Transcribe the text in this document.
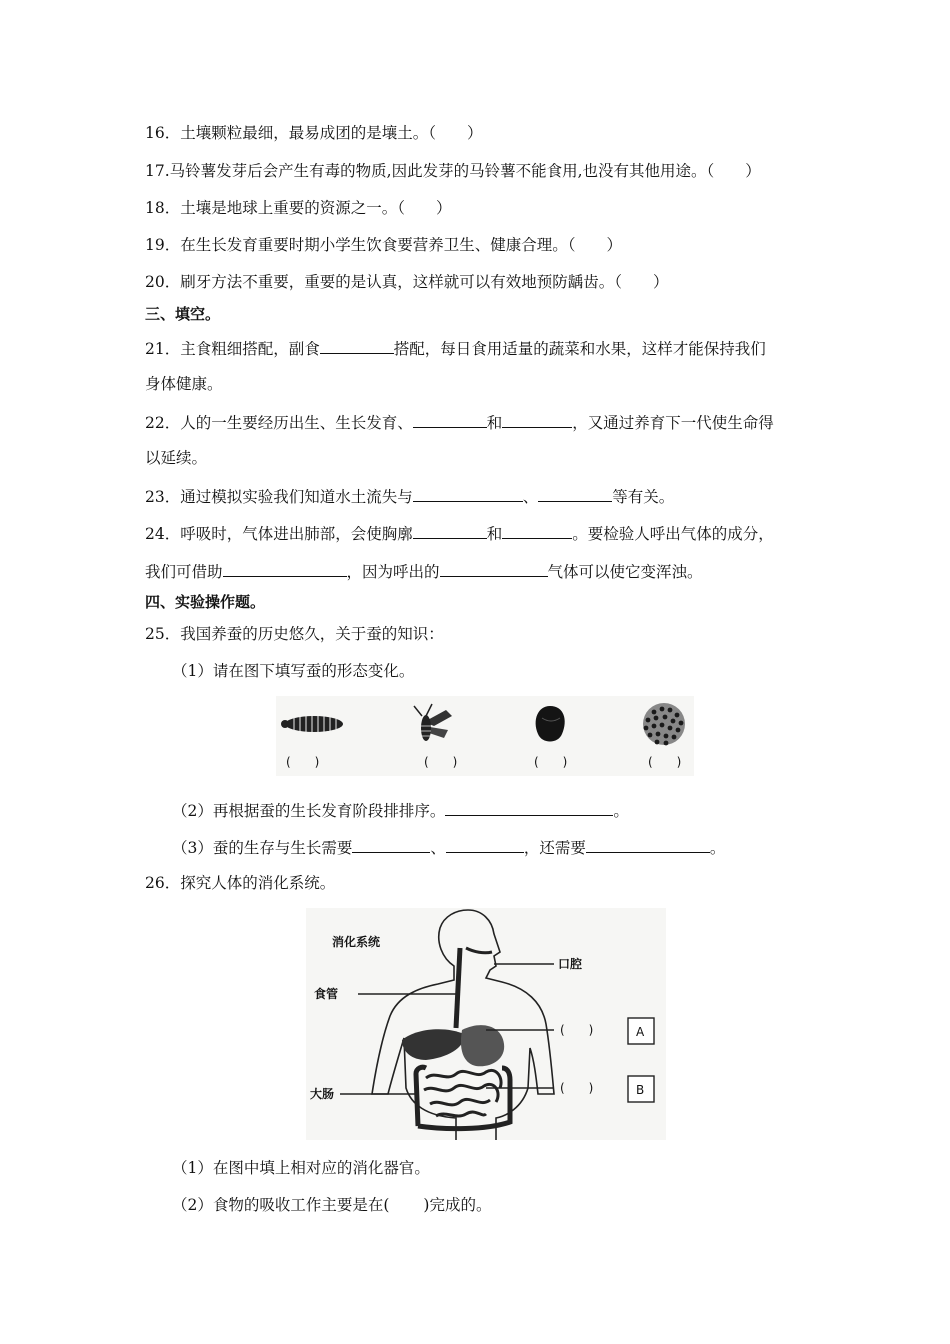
16．土壤颗粒最细，最易成团的是壤土。（　　）
17.马铃薯发芽后会产生有毒的物质,因此发芽的马铃薯不能食用,也没有其他用途。（　　）
18．土壤是地球上重要的资源之一。（　　）
19．在生长发育重要时期小学生饮食要营养卫生、健康合理。（　　）
20．刷牙方法不重要，重要的是认真，这样就可以有效地预防龋齿。（　　）
三、填空。
21．主食粗细搭配，副食	搭配，每日食用适量的蔬菜和水果，这样才能保持我们
身体健康。
22．人的一生要经历出生、生长发育、	和	，又通过养育下一代使生命得
以延续。
23．通过模拟实验我们知道水土流失与	、	等有关。
24．呼吸时，气体进出肺部，会使胸廓	和	。要检验人呼出气体的成分，
我们可借助	，因为呼出的	气体可以使它变浑浊。
四、实验操作题。
25．我国养蚕的历史悠久，关于蚕的知识：
（1）请在图下填写蚕的形态变化。
(　　)	(　　)	(　　)	(　　)
（2）再根据蚕的生长发育阶段排排序。	。
（3）蚕的生存与生长需要	、	，还需要	。
26．探究人体的消化系统。
消化系统
口腔
食管
(　　)	A
大肠	(　　)	B
（1）在图中填上相对应的消化器官。
（2）食物的吸收工作主要是在( )完成的。
